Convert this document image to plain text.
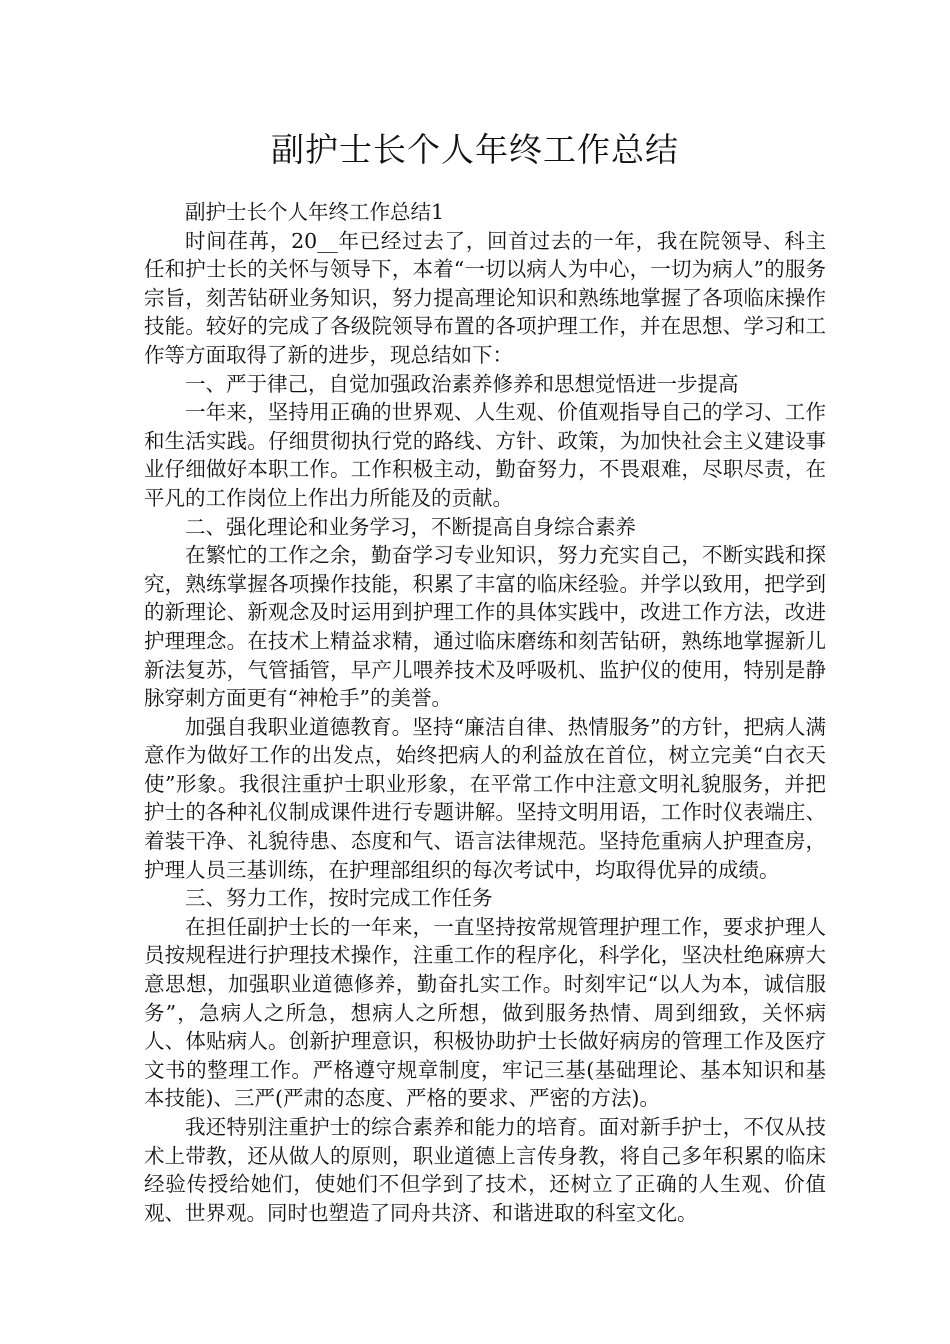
副护士长个人年终工作总结

副护士长个人年终工作总结1

时间荏苒，20__年已经过去了，回首过去的一年，我在院领导、科主任和护士长的关怀与领导下，本着“一切以病人为中心，一切为病人”的服务宗旨，刻苦钻研业务知识，努力提高理论知识和熟练地掌握了各项临床操作技能。较好的完成了各级院领导布置的各项护理工作，并在思想、学习和工作等方面取得了新的进步，现总结如下：

一、严于律己，自觉加强政治素养修养和思想觉悟进一步提高

一年来，坚持用正确的世界观、人生观、价值观指导自己的学习、工作和生活实践。仔细贯彻执行党的路线、方针、政策，为加快社会主义建设事业仔细做好本职工作。工作积极主动，勤奋努力，不畏艰难，尽职尽责，在平凡的工作岗位上作出力所能及的贡献。

二、强化理论和业务学习，不断提高自身综合素养

在繁忙的工作之余，勤奋学习专业知识，努力充实自己，不断实践和探究，熟练掌握各项操作技能，积累了丰富的临床经验。并学以致用，把学到的新理论、新观念及时运用到护理工作的具体实践中，改进工作方法，改进护理理念。在技术上精益求精，通过临床磨练和刻苦钻研，熟练地掌握新儿新法复苏，气管插管，早产儿喂养技术及呼吸机、监护仪的使用，特别是静脉穿刺方面更有“神枪手”的美誉。

加强自我职业道德教育。坚持“廉洁自律、热情服务”的方针，把病人满意作为做好工作的出发点，始终把病人的利益放在首位，树立完美“白衣天使”形象。我很注重护士职业形象，在平常工作中注意文明礼貌服务，并把护士的各种礼仪制成课件进行专题讲解。坚持文明用语，工作时仪表端庄、着装干净、礼貌待患、态度和气、语言法律规范。坚持危重病人护理查房，护理人员三基训练，在护理部组织的每次考试中，均取得优异的成绩。

三、努力工作，按时完成工作任务

在担任副护士长的一年来，一直坚持按常规管理护理工作，要求护理人员按规程进行护理技术操作，注重工作的程序化，科学化，坚决杜绝麻痹大意思想，加强职业道德修养，勤奋扎实工作。时刻牢记“以人为本，诚信服务”，急病人之所急，想病人之所想，做到服务热情、周到细致，关怀病人、体贴病人。创新护理意识，积极协助护士长做好病房的管理工作及医疗文书的整理工作。严格遵守规章制度，牢记三基(基础理论、基本知识和基本技能)、三严(严肃的态度、严格的要求、严密的方法)。

我还特别注重护士的综合素养和能力的培育。面对新手护士，不仅从技术上带教，还从做人的原则，职业道德上言传身教，将自己多年积累的临床经验传授给她们，使她们不但学到了技术，还树立了正确的人生观、价值观、世界观。同时也塑造了同舟共济、和谐进取的科室文化。
